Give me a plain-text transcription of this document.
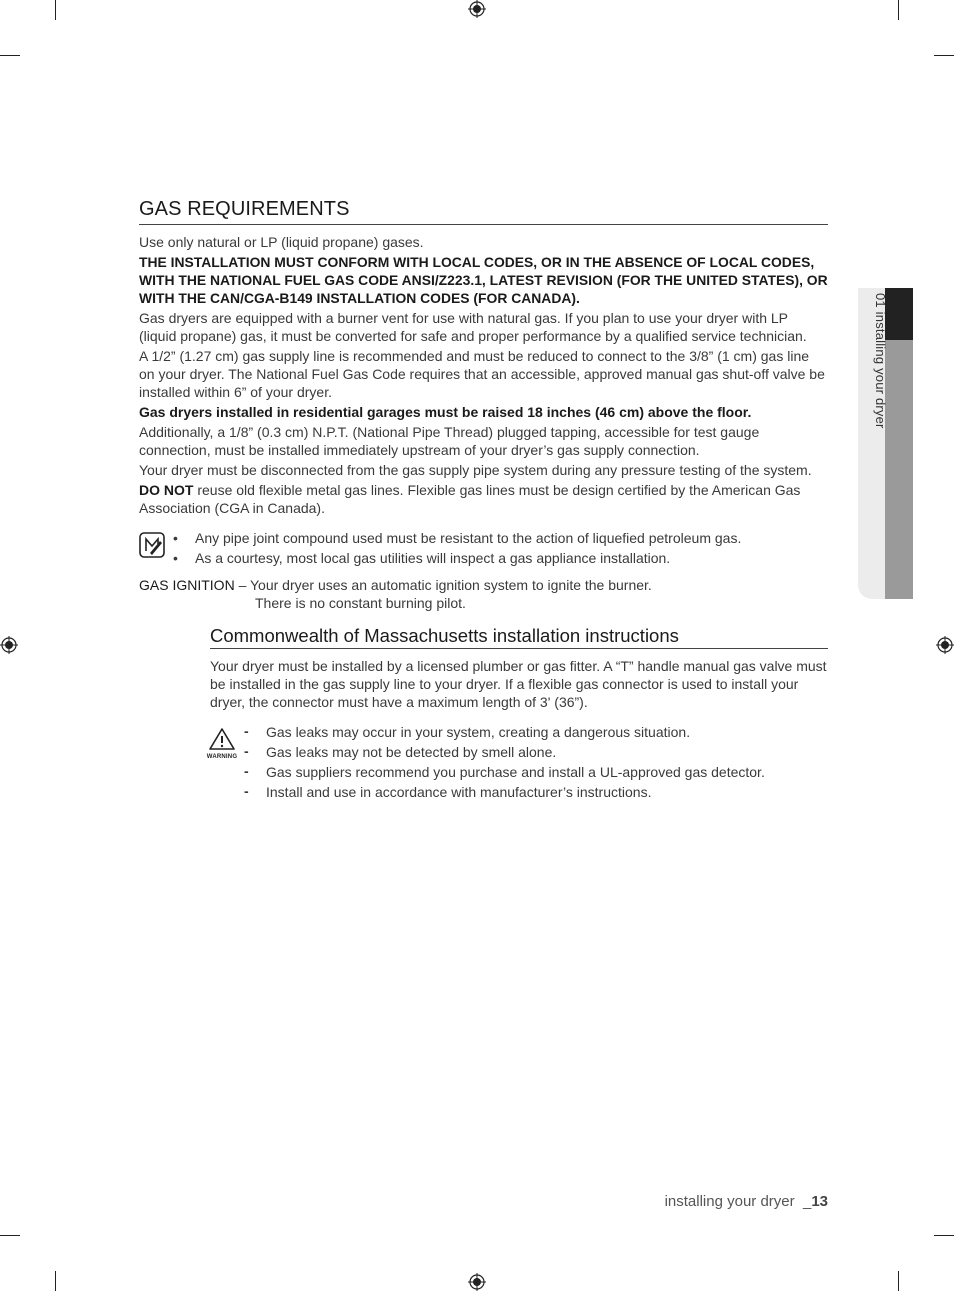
01 installing your dryer
GAS REQUIREMENTS

Use only natural or LP (liquid propane) gases.

THE INSTALLATION MUST CONFORM WITH LOCAL CODES, OR IN THE ABSENCE OF LOCAL CODES, WITH THE NATIONAL FUEL GAS CODE ANSI/Z223.1, LATEST REVISION (FOR THE UNITED STATES), OR WITH THE CAN/CGA-B149 INSTALLATION CODES (FOR CANADA).

Gas dryers are equipped with a burner vent for use with natural gas. If you plan to use your dryer with LP (liquid propane) gas, it must be converted for safe and proper performance by a qualified service technician.

A 1/2” (1.27 cm) gas supply line is recommended and must be reduced to connect to the 3/8” (1 cm) gas line on your dryer. The National Fuel Gas Code requires that an accessible, approved manual gas shut-off valve be installed within 6” of your dryer.

Gas dryers installed in residential garages must be raised 18 inches (46 cm) above the floor.

Additionally, a 1/8” (0.3 cm) N.P.T. (National Pipe Thread) plugged tapping, accessible for test gauge connection, must be installed immediately upstream of your dryer’s gas supply connection.

Your dryer must be disconnected from the gas supply pipe system during any pressure testing of the system.

DO NOT reuse old flexible metal gas lines. Flexible gas lines must be design certified by the American Gas Association (CGA in Canada).

• Any pipe joint compound used must be resistant to the action of liquefied petroleum gas.
• As a courtesy, most local gas utilities will inspect a gas appliance installation.
GAS IGNITION – Your dryer uses an automatic ignition system to ignite the burner.
There is no constant burning pilot.
Commonwealth of Massachusetts installation instructions

Your dryer must be installed by a licensed plumber or gas fitter. A “T” handle manual gas valve must be installed in the gas supply line to your dryer. If a flexible gas connector is used to install your dryer, the connector must have a maximum length of 3' (36”).

WARNING
- Gas leaks may occur in your system, creating a dangerous situation.
- Gas leaks may not be detected by smell alone.
- Gas suppliers recommend you purchase and install a UL-approved gas detector.
- Install and use in accordance with manufacturer’s instructions.
installing your dryer  _13
